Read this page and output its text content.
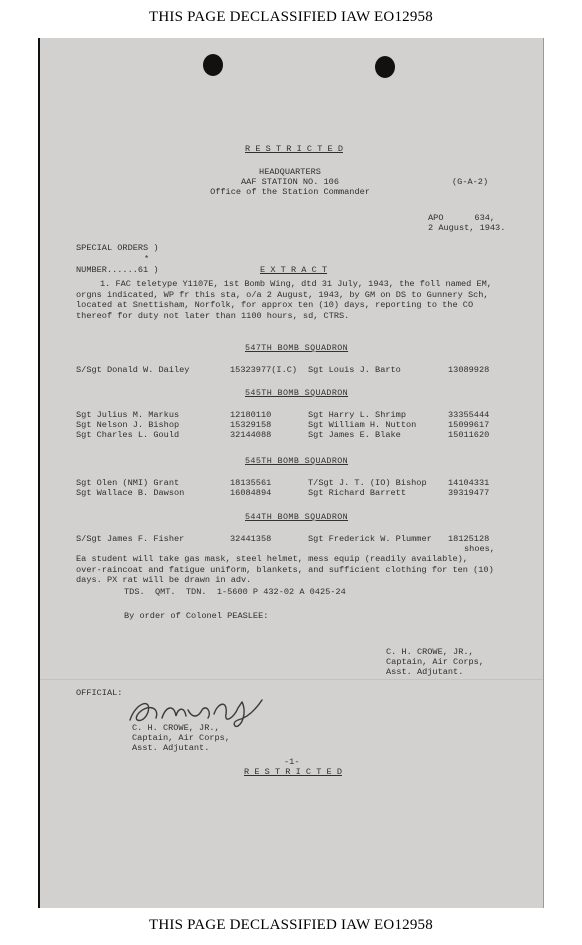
THIS PAGE DECLASSIFIED IAW EO12958
R E S T R I C T E D
HEADQUARTERS
AAF STATION NO. 106
Office of the Station Commander
(G-A-2)
APO      634,
2 August, 1943.
SPECIAL ORDERS )
*
NUMBER......61 )	E X T R A C T
1. FAC teletype Y1107E, 1st Bomb Wing, dtd 31 July, 1943, the foll named EM, orgns indicated, WP fr this sta, o/a 2 August, 1943, by GM on DS to Gunnery Sch, located at Snettisham, Norfolk, for approx ten (10) days, reporting to the CO thereof for duty not later than 1100 hours, sd, CTRS.
547TH BOMB SQUADRON
S/Sgt Donald W. Dailey	15323977(I.C) Sgt Louis J. Barto	13089928
545TH BOMB SQUADRON
Sgt Julius M. Markus	12180110	Sgt Harry L. Shrimp	33355444
Sgt Nelson J. Bishop	15329158	Sgt William H. Nutton	15099617
Sgt Charles L. Gould	32144088	Sgt James E. Blake	15011620
545TH BOMB SQUADRON
Sgt Olen (NMI) Grant	18135561	T/Sgt J. T. (IO) Bishop 14104331
Sgt Wallace B. Dawson	16084894	Sgt Richard Barrett	39319477
544TH BOMB SQUADRON
S/Sgt James F. Fisher	32441358	Sgt Frederick W. Plummer 18125128
shoes,
Ea student will take gas mask, steel helmet, mess equip (readily available), over-raincoat and fatigue uniform, blankets, and sufficient clothing for ten (10) days. PX rat will be drawn in adv.
TDS.  QMT.  TDN.  1-5600 P 432-02 A 0425-24
By order of Colonel PEASLEE:
C. H. CROWE, JR.,
Captain, Air Corps,
Asst. Adjutant.
OFFICIAL:
C. H. CROWE, JR.,
Captain, Air Corps,
Asst. Adjutant.
-1-
R E S T R I C T E D
THIS PAGE DECLASSIFIED IAW EO12958
